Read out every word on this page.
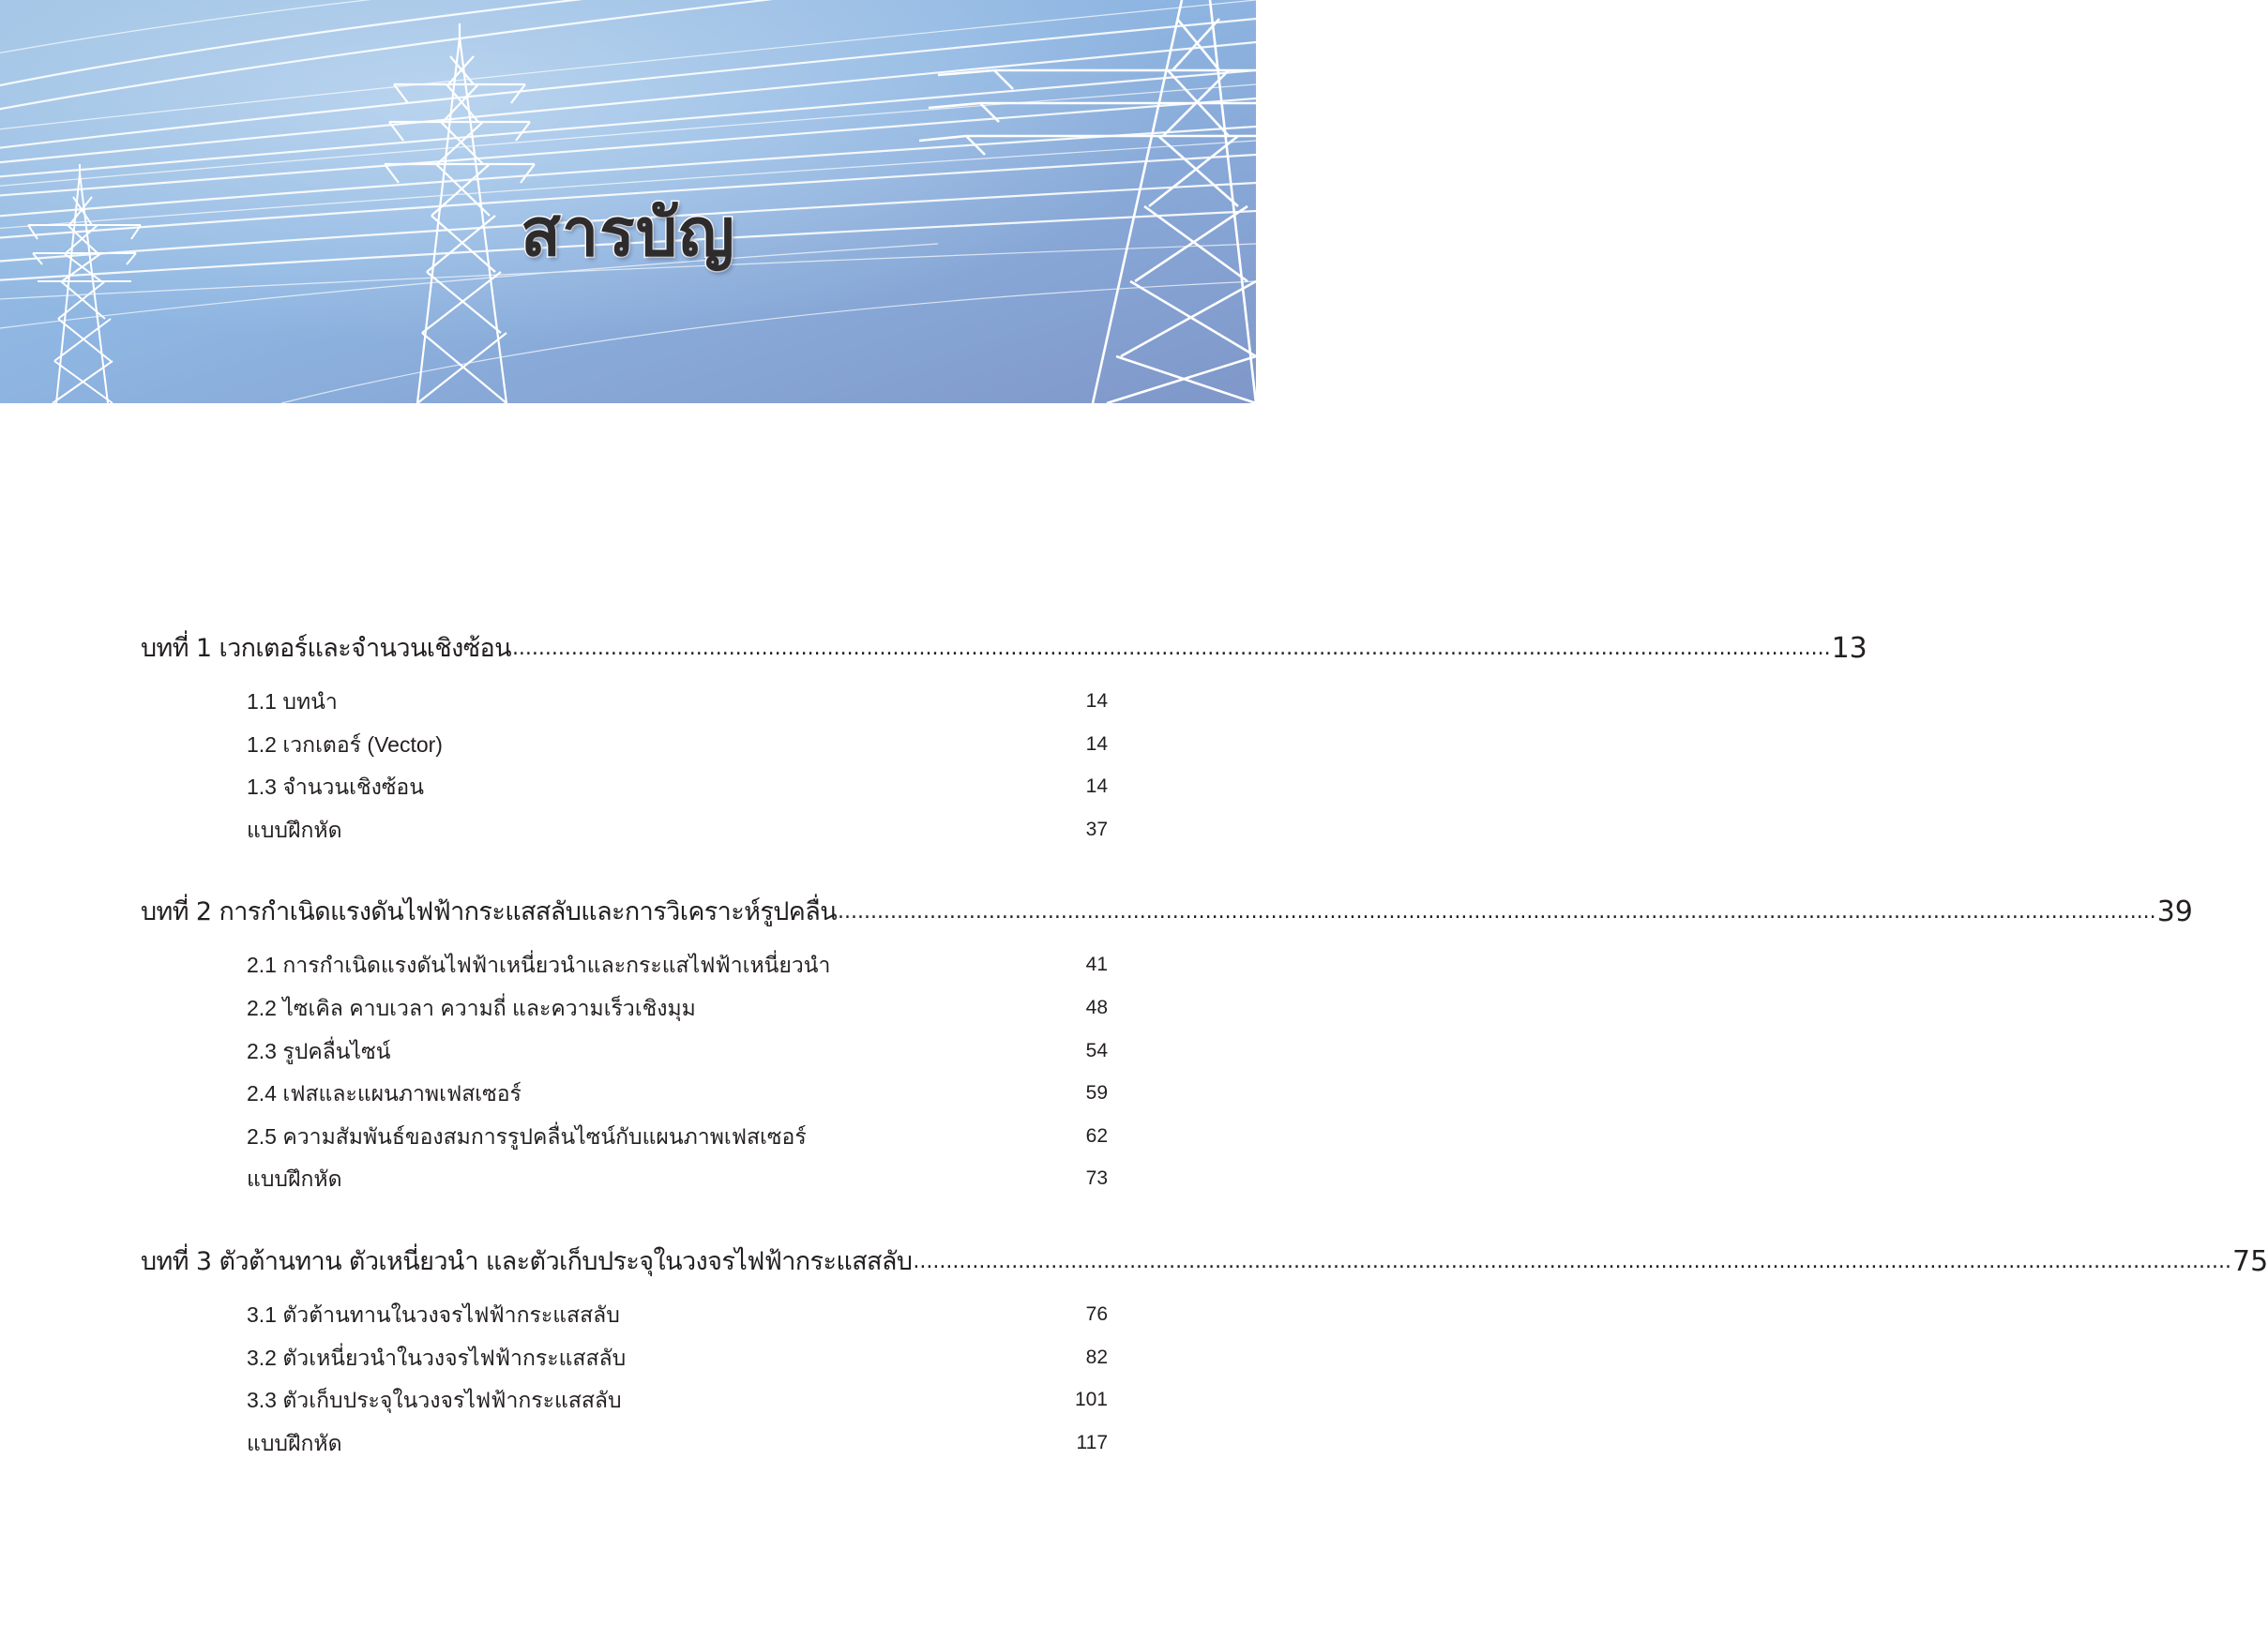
สารบัญ
บทที่ 1 เวกเตอร์และจำนวนเชิงซ้อน ......................................................................................................................................................................................................... 13
1.1 บทนำ	14
1.2 เวกเตอร์ (Vector)	14
1.3 จำนวนเชิงซ้อน	14
แบบฝึกหัด	37
บทที่ 2 การกำเนิดแรงดันไฟฟ้ากระแสสลับและการวิเคราะห์รูปคลื่น ......................................................................................................................................................................................................... 39
2.1 การกำเนิดแรงดันไฟฟ้าเหนี่ยวนำและกระแสไฟฟ้าเหนี่ยวนำ	41
2.2 ไซเคิล คาบเวลา ความถี่ และความเร็วเชิงมุม	48
2.3 รูปคลื่นไซน์	54
2.4 เฟสและแผนภาพเฟสเซอร์	59
2.5 ความสัมพันธ์ของสมการรูปคลื่นไซน์กับแผนภาพเฟสเซอร์	62
แบบฝึกหัด	73
บทที่ 3 ตัวต้านทาน ตัวเหนี่ยวนำ และตัวเก็บประจุในวงจรไฟฟ้ากระแสสลับ ......................................................................................................................................................................................................... 75
3.1 ตัวต้านทานในวงจรไฟฟ้ากระแสสลับ	76
3.2 ตัวเหนี่ยวนำในวงจรไฟฟ้ากระแสสลับ	82
3.3 ตัวเก็บประจุในวงจรไฟฟ้ากระแสสลับ	101
แบบฝึกหัด	117
